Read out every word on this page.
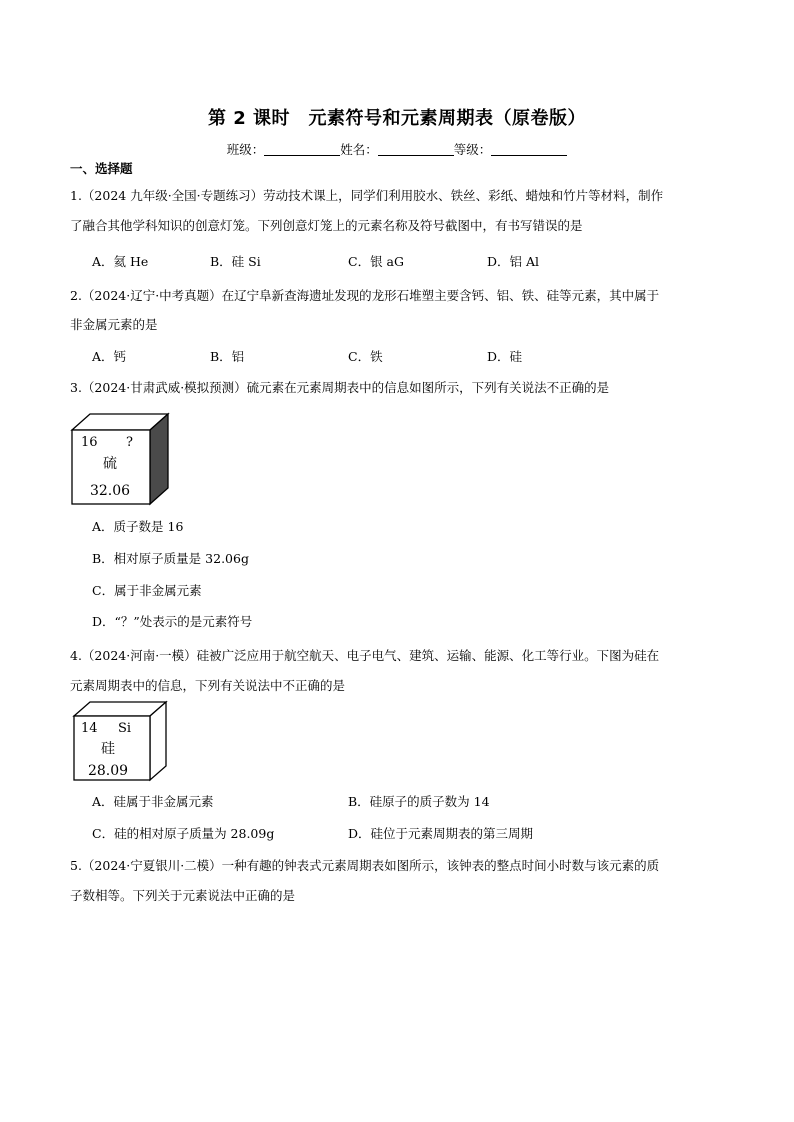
第 2 课时　元素符号和元素周期表（原卷版）
班级：	姓名：	等级：
一、选择题
1.（2024 九年级·全国·专题练习）劳动技术课上，同学们利用胶水、铁丝、彩纸、蜡烛和竹片等材料，制作
了融合其他学科知识的创意灯笼。下列创意灯笼上的元素名称及符号截图中，有书写错误的是
A．氦 He	B．硅 Si	C．银 aG	D．铝 Al
2.（2024·辽宁·中考真题）在辽宁阜新查海遗址发现的龙形石堆塑主要含钙、铝、铁、硅等元素，其中属于
非金属元素的是
A．钙	B．铝	C．铁	D．硅
3.（2024·甘肃武威·模拟预测）硫元素在元素周期表中的信息如图所示，下列有关说法不正确的是
16 ?
硫
32.06
A．质子数是 16
B．相对原子质量是 32.06g
C．属于非金属元素
D．“？”处表示的是元素符号
4.（2024·河南·一模）硅被广泛应用于航空航天、电子电气、建筑、运输、能源、化工等行业。下图为硅在
元素周期表中的信息，下列有关说法中不正确的是
14 Si
硅
28.09
A．硅属于非金属元素	B．硅原子的质子数为 14
C．硅的相对原子质量为 28.09g	D．硅位于元素周期表的第三周期
5.（2024·宁夏银川·二模）一种有趣的钟表式元素周期表如图所示，该钟表的整点时间小时数与该元素的质
子数相等。下列关于元素说法中正确的是
